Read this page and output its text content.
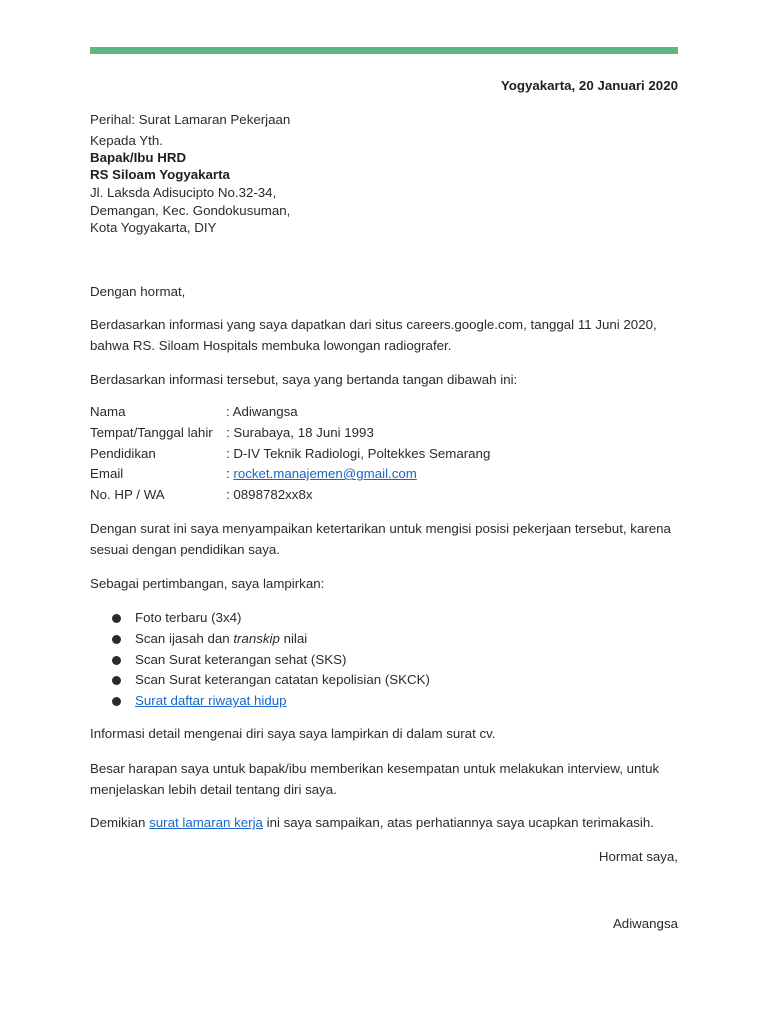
Yogyakarta, 20 Januari 2020
Perihal: Surat Lamaran Pekerjaan
Kepada Yth.
Bapak/Ibu HRD
RS Siloam Yogyakarta
Jl. Laksda Adisucipto No.32-34,
Demangan, Kec. Gondokusuman,
Kota Yogyakarta, DIY
Dengan hormat,
Berdasarkan informasi yang saya dapatkan dari situs careers.google.com, tanggal 11 Juni 2020, bahwa RS. Siloam Hospitals membuka lowongan radiografer.
Berdasarkan informasi tersebut, saya yang bertanda tangan dibawah ini:
Nama	: Adiwangsa
Tempat/Tanggal lahir : Surabaya, 18 Juni 1993
Pendidikan	: D-IV Teknik Radiologi, Poltekkes Semarang
Email	: rocket.manajemen@gmail.com
No. HP / WA	: 0898782xx8x
Dengan surat ini saya menyampaikan ketertarikan untuk mengisi posisi pekerjaan tersebut, karena sesuai dengan pendidikan saya.
Sebagai pertimbangan, saya lampirkan:
Foto terbaru (3x4)
Scan ijasah dan transkip nilai
Scan Surat keterangan sehat (SKS)
Scan Surat keterangan catatan kepolisian (SKCK)
Surat daftar riwayat hidup
Informasi detail mengenai diri saya saya lampirkan di dalam surat cv.
Besar harapan saya untuk bapak/ibu memberikan kesempatan untuk melakukan interview, untuk menjelaskan lebih detail tentang diri saya.
Demikian surat lamaran kerja ini saya sampaikan, atas perhatiannya saya ucapkan terimakasih.
Hormat saya,
Adiwangsa
